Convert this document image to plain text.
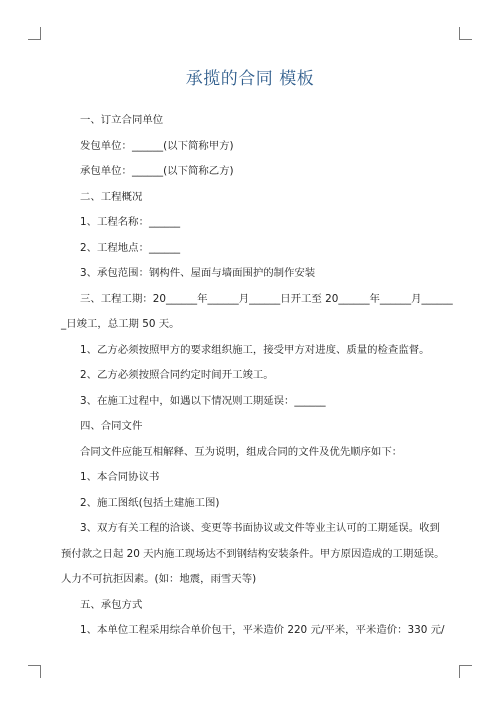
承揽的合同 模板
一、订立合同单位
发包单位：______(以下简称甲方)
承包单位：______(以下简称乙方)
二、工程概况
1、工程名称：______
2、工程地点：______
3、承包范围：钢构件、屋面与墙面围护的制作安装
三、工程工期：20______年______月______日开工至 20______年______月______
_日竣工，总工期 50 天。
1、乙方必须按照甲方的要求组织施工，接受甲方对进度、质量的检查监督。
2、乙方必须按照合同约定时间开工竣工。
3、在施工过程中，如遇以下情况则工期延误：______
四、合同文件
合同文件应能互相解释、互为说明，组成合同的文件及优先顺序如下：
1、本合同协议书
2、施工图纸(包括土建施工图)
3、双方有关工程的洽谈、变更等书面协议或文件等业主认可的工期延误。收到
预付款之日起 20 天内施工现场达不到钢结构安装条件。甲方原因造成的工期延误。
人力不可抗拒因素。(如：地震，雨雪天等)
五、承包方式
1、本单位工程采用综合单价包干，平米造价 220 元/平米，平米造价：330 元/
